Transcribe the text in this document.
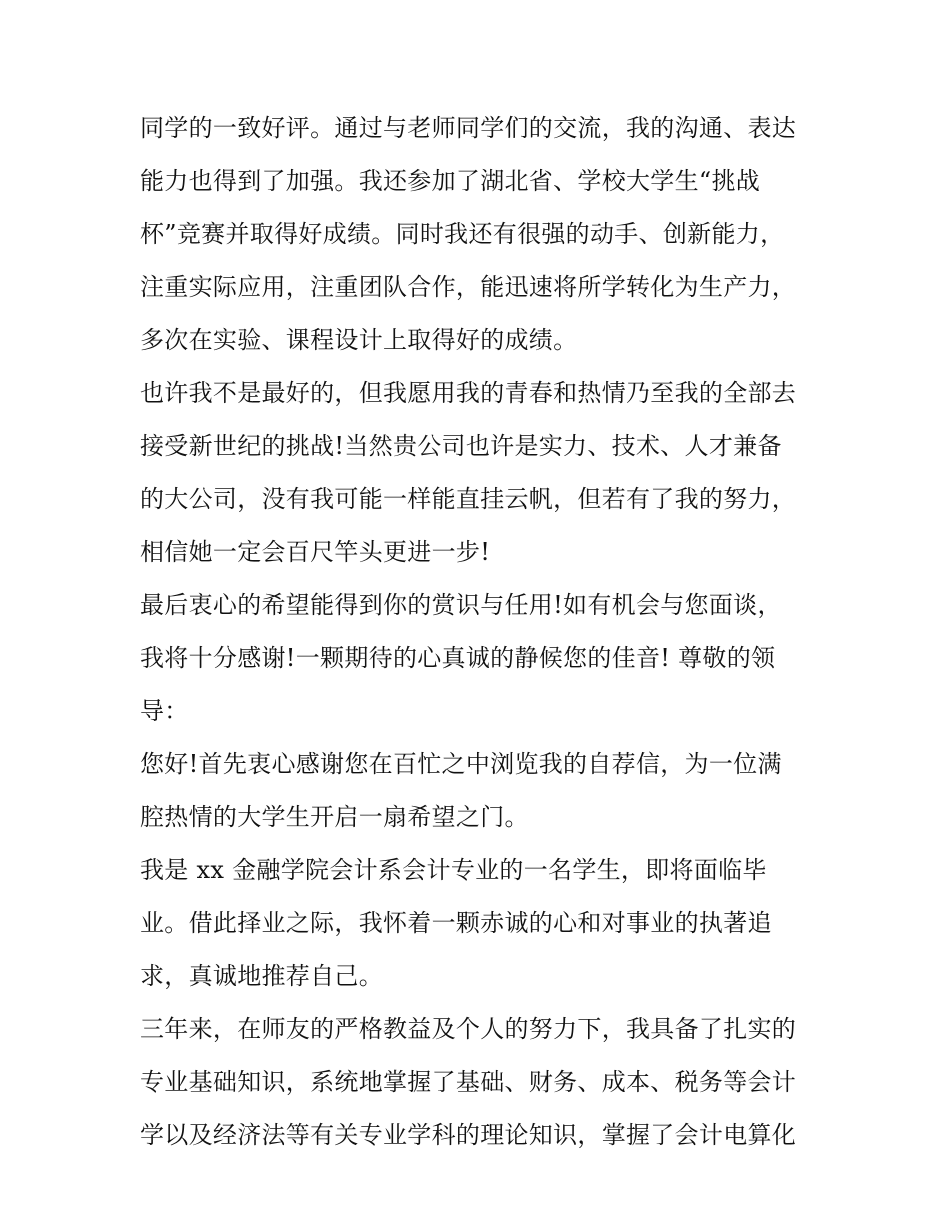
同学的一致好评。通过与老师同学们的交流，我的沟通、表达
能力也得到了加强。我还参加了湖北省、学校大学生“挑战
杯”竞赛并取得好成绩。同时我还有很强的动手、创新能力，
注重实际应用，注重团队合作，能迅速将所学转化为生产力，
多次在实验、课程设计上取得好的成绩。
也许我不是最好的，但我愿用我的青春和热情乃至我的全部去
接受新世纪的挑战!当然贵公司也许是实力、技术、人才兼备
的大公司，没有我可能一样能直挂云帆，但若有了我的努力，
相信她一定会百尺竿头更进一步!
最后衷心的希望能得到你的赏识与任用!如有机会与您面谈，
我将十分感谢!一颗期待的心真诚的静候您的佳音! 尊敬的领
导：
您好!首先衷心感谢您在百忙之中浏览我的自荐信，为一位满
腔热情的大学生开启一扇希望之门。
我是 xx 金融学院会计系会计专业的一名学生，即将面临毕
业。借此择业之际，我怀着一颗赤诚的心和对事业的执著追
求，真诚地推荐自己。
三年来，在师友的严格教益及个人的努力下，我具备了扎实的
专业基础知识，系统地掌握了基础、财务、成本、税务等会计
学以及经济法等有关专业学科的理论知识，掌握了会计电算化
